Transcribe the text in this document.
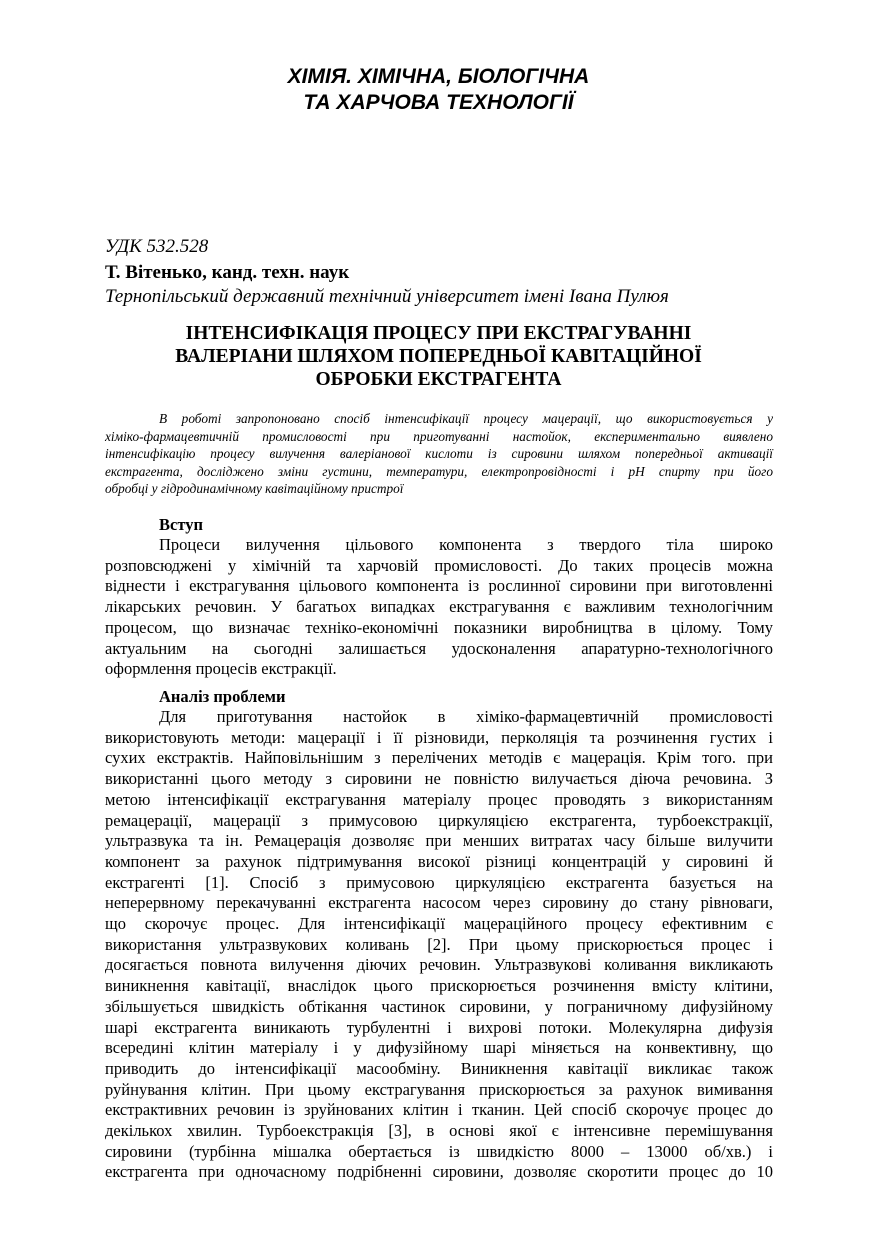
ХІМІЯ. ХІМІЧНА, БІОЛОГІЧНА
ТА ХАРЧОВА ТЕХНОЛОГІЇ

УДК 532.528

Т. Вітенько, канд. техн. наук

Тернопільський державний технічний університет імені Івана Пулюя

ІНТЕНСИФІКАЦІЯ ПРОЦЕСУ ПРИ ЕКСТРАГУВАННІ
ВАЛЕРІАНИ ШЛЯХОМ ПОПЕРЕДНЬОЇ КАВІТАЦІЙНОЇ
ОБРОБКИ ЕКСТРАГЕНТА
В роботі запропоновано спосіб інтенсифікації процесу мацерації, що використовується у
хіміко-фармацевтичній промисловості при приготуванні настойок, експериментально виявлено
інтенсифікацію процесу вилучення валеріанової кислоти із сировини шляхом попередньої активації
екстрагента, досліджено зміни густини, температури, електропровідності і рН спирту при його
обробці у гідродинамічному кавітаційному пристрої
Вступ
Процеси вилучення цільового компонента з твердого тіла широко
розповсюджені у хімічній та харчовій промисловості. До таких процесів можна
віднести і екстрагування цільового компонента із рослинної сировини при виготовленні
лікарських речовин. У багатьох випадках екстрагування є важливим технологічним
процесом, що визначає техніко-економічні показники виробництва в цілому. Тому
актуальним на сьогодні залишається удосконалення апаратурно-технологічного
оформлення процесів екстракції.
Аналіз проблеми
Для приготування настойок в хіміко-фармацевтичній промисловості
використовують методи: мацерації і її різновиди, перколяція та розчинення густих і
сухих екстрактів. Найповільнішим з перелічених методів є мацерація. Крім того. при
використанні цього методу з сировини не повністю вилучається діюча речовина. З
метою інтенсифікації екстрагування матеріалу процес проводять з використанням
ремацерації, мацерації з примусовою циркуляцією екстрагента, турбоекстракції,
ультразвука та ін. Ремацерація дозволяє при менших витратах часу більше вилучити
компонент за рахунок підтримування високої різниці концентрацій у сировині й
екстрагенті [1]. Спосіб з примусовою циркуляцією екстрагента базується на
неперервному перекачуванні екстрагента насосом через сировину до стану рівноваги,
що скорочує процес. Для інтенсифікації мацераційного процесу ефективним є
використання ультразвукових коливань [2]. При цьому прискорюється процес і
досягається повнота вилучення діючих речовин. Ультразвукові коливання викликають
виникнення кавітації, внаслідок цього прискорюється розчинення вмісту клітини,
збільшується швидкість обтікання частинок сировини, у пограничному дифузійному
шарі екстрагента виникають турбулентні і вихрові потоки. Молекулярна дифузія
всередині клітин матеріалу і у дифузійному шарі міняється на конвективну, що
приводить до інтенсифікації масообміну. Виникнення кавітації викликає також
руйнування клітин. При цьому екстрагування прискорюється за рахунок вимивання
екстрактивних речовин із зруйнованих клітин і тканин. Цей спосіб скорочує процес до
декількох хвилин. Турбоекстракція [3], в основі якої є інтенсивне перемішування
сировини (турбінна мішалка обертається із швидкістю 8000 – 13000 об/хв.) і
екстрагента при одночасному подрібненні сировини, дозволяє скоротити процес до 10
